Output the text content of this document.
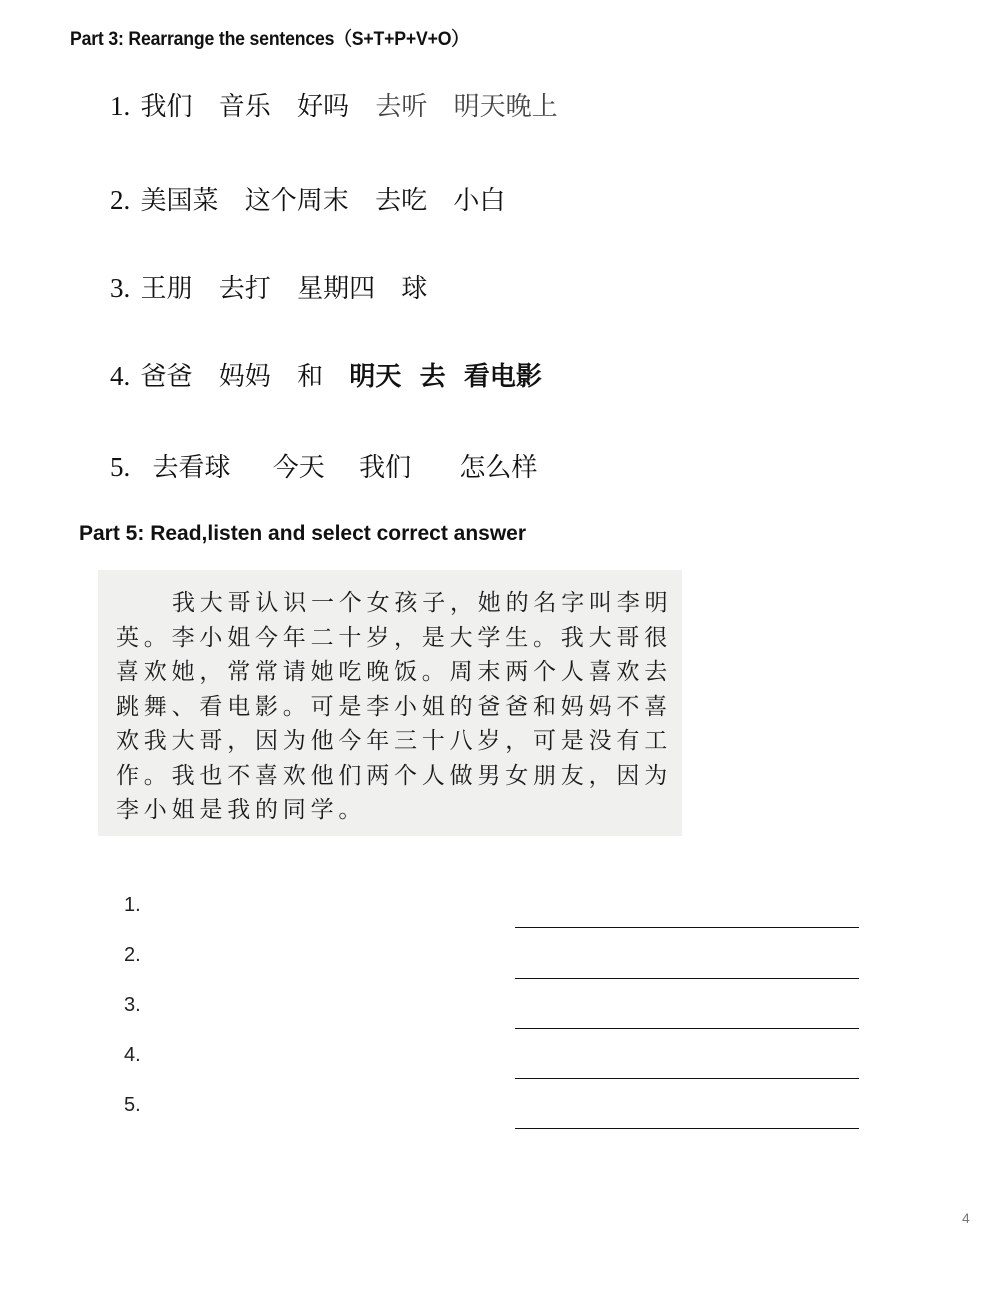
Part 3: Rearrange the sentences（S+T+P+V+O）
1. 我们 音乐 好吗 去听 明天晚上
2. 美国菜 这个周末 去吃 小白
3. 王朋 去打 星期四 球
4. 爸爸 妈妈 和 明天 去 看电影
5. 去看球 今天 我们 怎么样
Part 5: Read,listen and select correct answer
我大哥认识一个女孩子，她的名字叫李明英。李小姐今年二十岁，是大学生。我大哥很喜欢她，常常请她吃晚饭。周末两个人喜欢去跳舞、看电影。可是李小姐的爸爸和妈妈不喜欢我大哥，因为他今年三十八岁，可是没有工作。我也不喜欢他们两个人做男女朋友，因为李小姐是我的同学。
1.
2.
3.
4.
5.
4
